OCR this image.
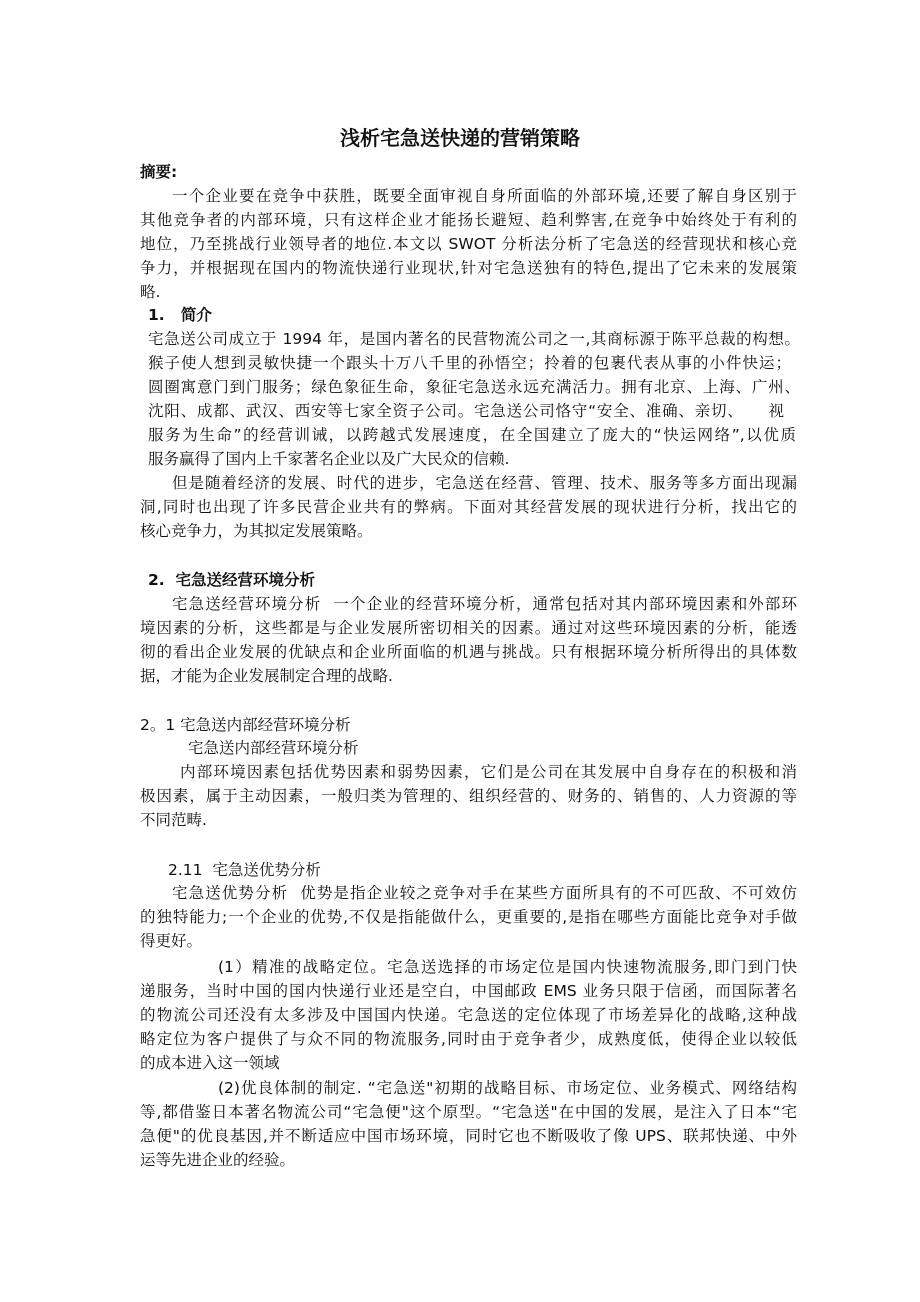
浅析宅急送快递的营销策略
摘要:
一个企业要在竞争中获胜，既要全面审视自身所面临的外部环境,还要了解自身区别于
其他竞争者的内部环境，只有这样企业才能扬长避短、趋利弊害,在竞争中始终处于有利的
地位，乃至挑战行业领导者的地位.本文以 SWOT 分析法分析了宅急送的经营现状和核心竞
争力，并根据现在国内的物流快递行业现状,针对宅急送独有的特色,提出了它未来的发展策
略.
1.   简介
宅急送公司成立于 1994 年，是国内著名的民营物流公司之一,其商标源于陈平总裁的构想。
猴子使人想到灵敏快捷一个跟头十万八千里的孙悟空；拎着的包裹代表从事的小件快运；
圆圈寓意门到门服务；绿色象征生命，象征宅急送永远充满活力。拥有北京、上海、广州、
沈阳、成都、武汉、西安等七家全资子公司。宅急送公司恪守“安全、准确、亲切、　　视
服务为生命”的经营训诫，以跨越式发展速度，在全国建立了庞大的“快运网络”,以优质
服务赢得了国内上千家著名企业以及广大民众的信赖.
但是随着经济的发展、时代的进步，宅急送在经营、管理、技术、服务等多方面出现漏
洞,同时也出现了许多民营企业共有的弊病。下面对其经营发展的现状进行分析，找出它的
核心竞争力，为其拟定发展策略。
2.  宅急送经营环境分析
宅急送经营环境分析  一个企业的经营环境分析，通常包括对其内部环境因素和外部环
境因素的分析，这些都是与企业发展所密切相关的因素。通过对这些环境因素的分析，能透
彻的看出企业发展的优缺点和企业所面临的机遇与挑战。只有根据环境分析所得出的具体数
据，才能为企业发展制定合理的战略.
2。1 宅急送内部经营环境分析
宅急送内部经营环境分析
内部环境因素包括优势因素和弱势因素，它们是公司在其发展中自身存在的积极和消
极因素，属于主动因素，一般归类为管理的、组织经营的、财务的、销售的、人力资源的等
不同范畴.
2.11  宅急送优势分析
宅急送优势分析  优势是指企业较之竞争对手在某些方面所具有的不可匹敌、不可效仿
的独特能力;一个企业的优势,不仅是指能做什么，更重要的,是指在哪些方面能比竞争对手做
得更好。
(1）精准的战略定位。宅急送选择的市场定位是国内快速物流服务,即门到门快
递服务，当时中国的国内快递行业还是空白，中国邮政 EMS 业务只限于信函，而国际著名
的物流公司还没有太多涉及中国国内快递。宅急送的定位体现了市场差异化的战略,这种战
略定位为客户提供了与众不同的物流服务,同时由于竞争者少，成熟度低，使得企业以较低
的成本进入这一领域
(2)优良体制的制定. “宅急送"初期的战略目标、市场定位、业务模式、网络结构
等,都借鉴日本著名物流公司“宅急便"这个原型。“宅急送"在中国的发展，是注入了日本“宅
急便"的优良基因,并不断适应中国市场环境，同时它也不断吸收了像 UPS、联邦快递、中外
运等先进企业的经验。
